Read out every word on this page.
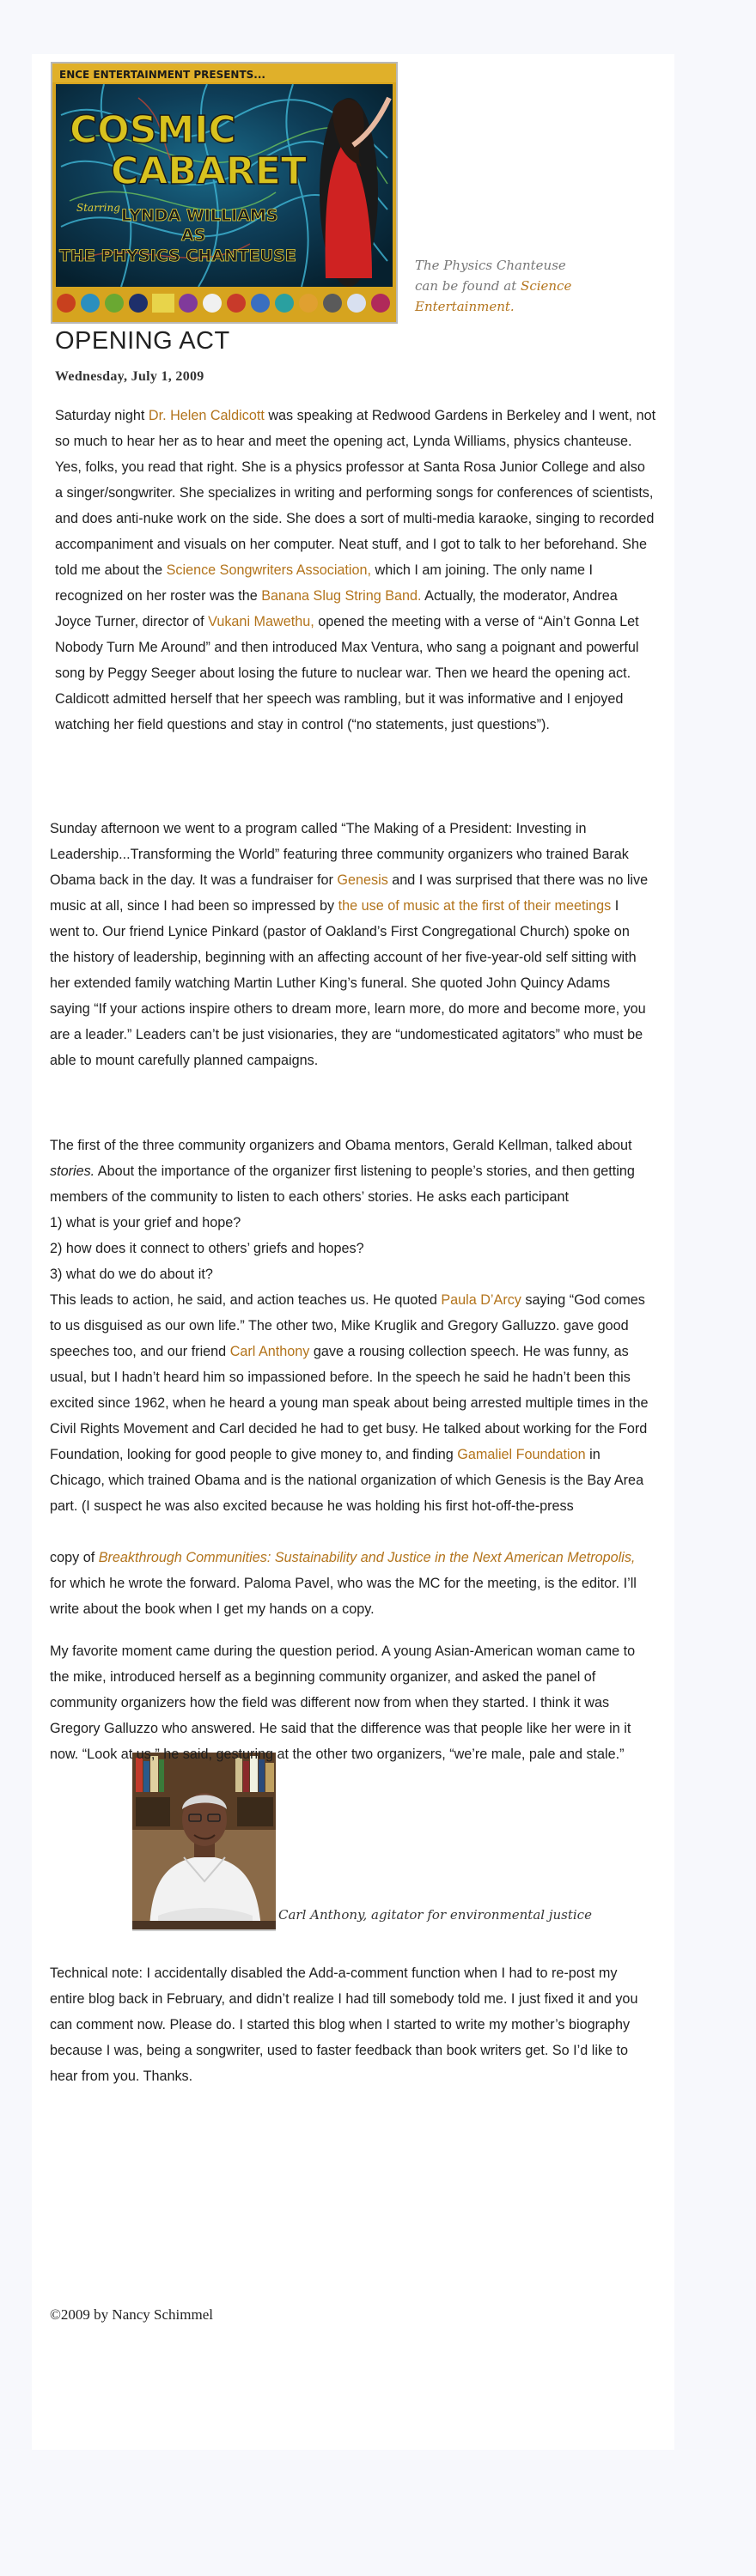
COSMIC
CABARET
ENCE ENTERTAINMENT PRESENTS...
Starring LYNDA WILLIAMS
AS
THE PHYSICS CHANTEUSE	The Physics Chanteuse
can be found at Science
Entertainment.
OPENING ACT
Wednesday, July 1, 2009
Saturday night Dr. Helen Caldicott was speaking at Redwood Gardens in Berkeley and I went, not so much to hear her as to hear and meet the opening act, Lynda Williams, physics chanteuse. Yes, folks, you read that right. She is a physics professor at Santa Rosa Junior College and also a singer/songwriter. She specializes in writing and performing songs for conferences of scientists, and does anti-nuke work on the side. She does a sort of multi-media karaoke, singing to recorded accompaniment and visuals on her computer. Neat stuff, and I got to talk to her beforehand. She told me about the Science Songwriters Association, which I am joining. The only name I recognized on her roster was the Banana Slug String Band. Actually, the moderator, Andrea Joyce Turner, director of Vukani Mawethu, opened the meeting with a verse of “Ain’t Gonna Let Nobody Turn Me Around” and then introduced Max Ventura, who sang a poignant and powerful song by Peggy Seeger about losing the future to nuclear war. Then we heard the opening act. Caldicott admitted herself that her speech was rambling, but it was informative and I enjoyed watching her field questions and stay in control (“no statements, just questions”).
Sunday afternoon we went to a program called “The Making of a President: Investing in Leadership...Transforming the World” featuring three community organizers who trained Barak Obama back in the day. It was a fundraiser for Genesis and I was surprised that there was no live music at all, since I had been so impressed by the use of music at the first of their meetings I went to. Our friend Lynice Pinkard (pastor of Oakland’s First Congregational Church) spoke on the history of leadership, beginning with an affecting account of her five-year-old self sitting with her extended family watching Martin Luther King’s funeral. She quoted John Quincy Adams saying “If your actions inspire others to dream more, learn more, do more and become more, you are a leader.” Leaders can’t be just visionaries, they are “undomesticated agitators” who must be able to mount carefully planned campaigns.
The first of the three community organizers and Obama mentors, Gerald Kellman, talked about stories. About the importance of the organizer first listening to people’s stories, and then getting members of the community to listen to each others’ stories. He asks each participant
1) what is your grief and hope?
2) how does it connect to others’ griefs and hopes?
3) what do we do about it?
This leads to action, he said, and action teaches us. He quoted Paula D’Arcy saying “God comes to us disguised as our own life.” The other two, Mike Kruglik and Gregory Galluzzo. gave good speeches too, and our friend Carl Anthony gave a rousing collection speech. He was funny, as usual, but I hadn’t heard him so impassioned before. In the speech he said he hadn’t been this excited since 1962, when he heard a young man speak about being arrested multiple times in the Civil Rights Movement and Carl decided he had to get busy. He talked about working for the Ford Foundation, looking for good people to give money to, and finding Gamaliel Foundation in Chicago, which trained Obama and is the national organization of which Genesis is the Bay Area part. (I suspect he was also excited because he was holding his first hot-off-the-press
copy of Breakthrough Communities: Sustainability and Justice in the Next American Metropolis, for which he wrote the forward. Paloma Pavel, who was the MC for the meeting, is the editor. I’ll write about the book when I get my hands on a copy.
Carl Anthony, agitator for environmental justice
My favorite moment came during the question period. A young Asian-American woman came to the mike, introduced herself as a beginning community organizer, and asked the panel of community organizers how the field was different now from when they started. I think it was Gregory Galluzzo who answered. He said that the difference was that people like her were in it now. “Look at us,” he said, gesturing at the other two organizers, “we’re male, pale and stale.”
Technical note: I accidentally disabled the Add-a-comment function when I had to re-post my entire blog back in February, and didn’t realize I had till somebody told me. I just fixed it and you can comment now. Please do. I started this blog when I started to write my mother’s biography because I was, being a songwriter, used to faster feedback than book writers get. So I’d like to hear from you. Thanks.
©2009 by Nancy Schimmel
